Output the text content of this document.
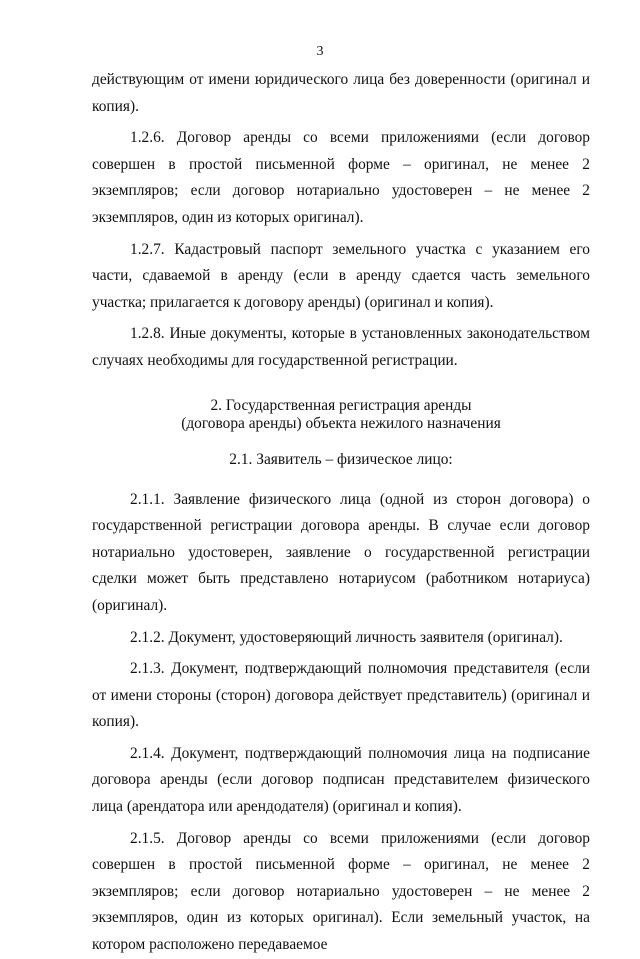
3

действующим от имени юридического лица без доверенности (оригинал и копия).

1.2.6. Договор аренды со всеми приложениями (если договор совершен в простой письменной форме – оригинал, не менее 2 экземпляров; если договор нотариально удостоверен – не менее 2 экземпляров, один из которых оригинал).

1.2.7. Кадастровый паспорт земельного участка с указанием его части, сдаваемой в аренду (если в аренду сдается часть земельного участка; прилагается к договору аренды) (оригинал и копия).

1.2.8. Иные документы, которые в установленных законодательством случаях необходимы для государственной регистрации.

2. Государственная регистрация аренды
(договора аренды) объекта нежилого назначения

2.1. Заявитель – физическое лицо:

2.1.1. Заявление физического лица (одной из сторон договора) о государственной регистрации договора аренды. В случае если договор нотариально удостоверен, заявление о государственной регистрации сделки может быть представлено нотариусом (работником нотариуса) (оригинал).

2.1.2. Документ, удостоверяющий личность заявителя (оригинал).

2.1.3. Документ, подтверждающий полномочия представителя (если от имени стороны (сторон) договора действует представитель) (оригинал и копия).

2.1.4. Документ, подтверждающий полномочия лица на подписание договора аренды (если договор подписан представителем физического лица (арендатора или арендодателя) (оригинал и копия).

2.1.5. Договор аренды со всеми приложениями (если договор совершен в простой письменной форме – оригинал, не менее 2 экземпляров; если договор нотариально удостоверен – не менее 2 экземпляров, один из которых оригинал). Если земельный участок, на котором расположено передаваемое
